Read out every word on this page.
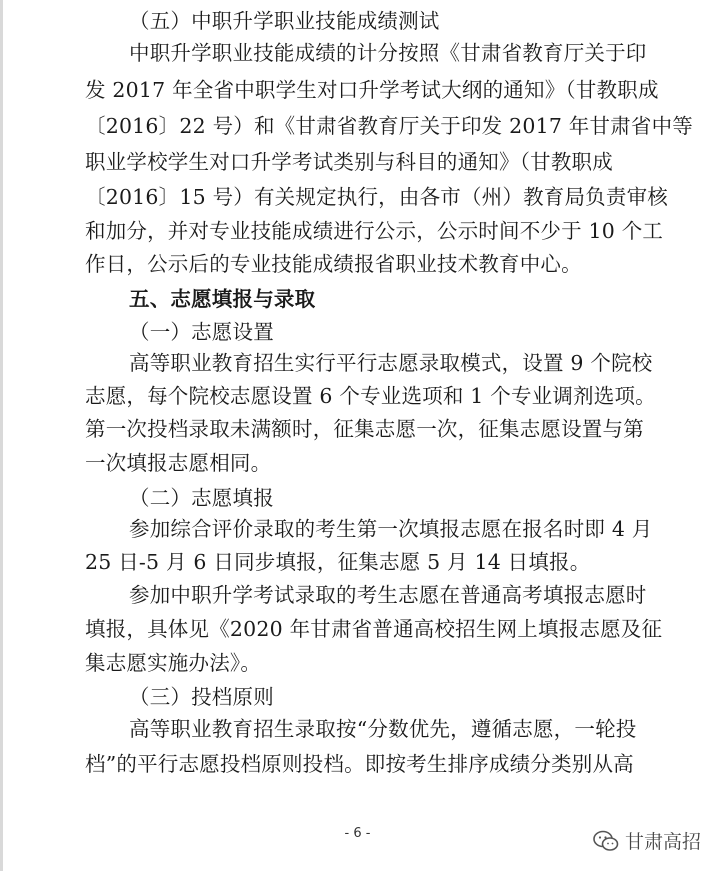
（五）中职升学职业技能成绩测试
中职升学职业技能成绩的计分按照《甘肃省教育厅关于印
发 2017 年全省中职学生对口升学考试大纲的通知》（甘教职成
〔2016〕22 号）和《甘肃省教育厅关于印发 2017 年甘肃省中等
职业学校学生对口升学考试类别与科目的通知》（甘教职成
〔2016〕15 号）有关规定执行，由各市（州）教育局负责审核
和加分，并对专业技能成绩进行公示，公示时间不少于 10 个工
作日，公示后的专业技能成绩报省职业技术教育中心。
五、志愿填报与录取
（一）志愿设置
高等职业教育招生实行平行志愿录取模式，设置 9 个院校
志愿，每个院校志愿设置 6 个专业选项和 1 个专业调剂选项。
第一次投档录取未满额时，征集志愿一次，征集志愿设置与第
一次填报志愿相同。
（二）志愿填报
参加综合评价录取的考生第一次填报志愿在报名时即 4 月
25 日-5 月 6 日同步填报，征集志愿 5 月 14 日填报。
参加中职升学考试录取的考生志愿在普通高考填报志愿时
填报，具体见《2020 年甘肃省普通高校招生网上填报志愿及征
集志愿实施办法》。
（三）投档原则
高等职业教育招生录取按“分数优先，遵循志愿，一轮投
档”的平行志愿投档原则投档。即按考生排序成绩分类别从高
- 6 -	甘肃高招
